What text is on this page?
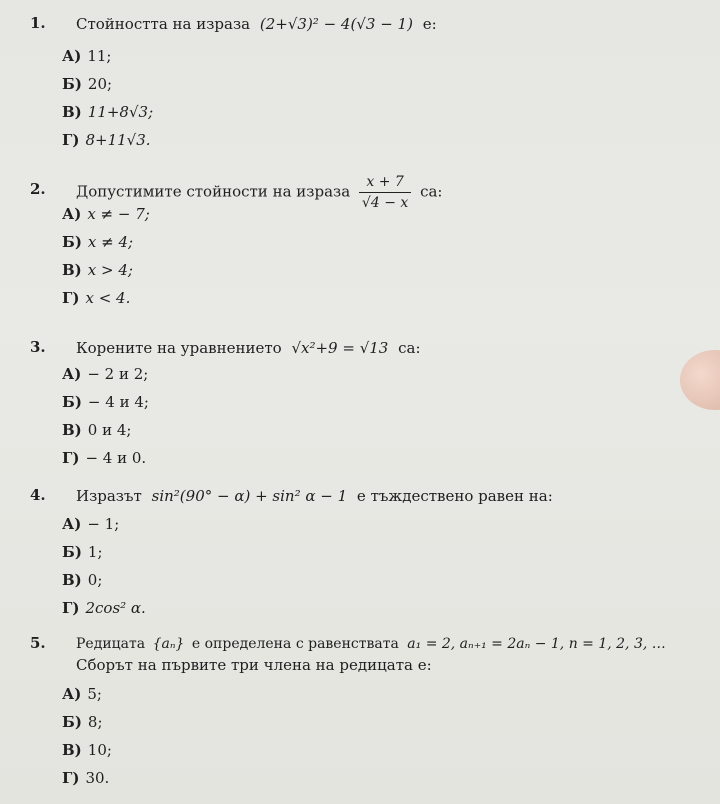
1. Стойността на израза (2+√3)² − 4(√3 − 1) е:
А) 11;
Б) 20;
В) 11+8√3;
Г) 8+11√3.
2. Допустимите стойности на израза $\frac{x + 7}{√4 - x}$ са:
А) x ≠ − 7;
Б) x ≠ 4;
В) x > 4;
Г) x < 4.
3. Корените на уравнението √x²+9 = √13 са:
А) − 2 и 2;
Б) − 4 и 4;
В) 0 и 4;
Г) − 4 и 0.
4. Изразът sin²(90° − α) + sin² α − 1 е тъждествено равен на:
А) − 1;
Б) 1;
В) 0;
Г) 2cos² α.
5. Редицата {aₙ} е определена с равенствата a₁ = 2, aₙ₊₁ = 2aₙ − 1, n = 1, 2, 3, …
Сборът на първите три члена на редицата е:
А) 5;
Б) 8;
В) 10;
Г) 30.
